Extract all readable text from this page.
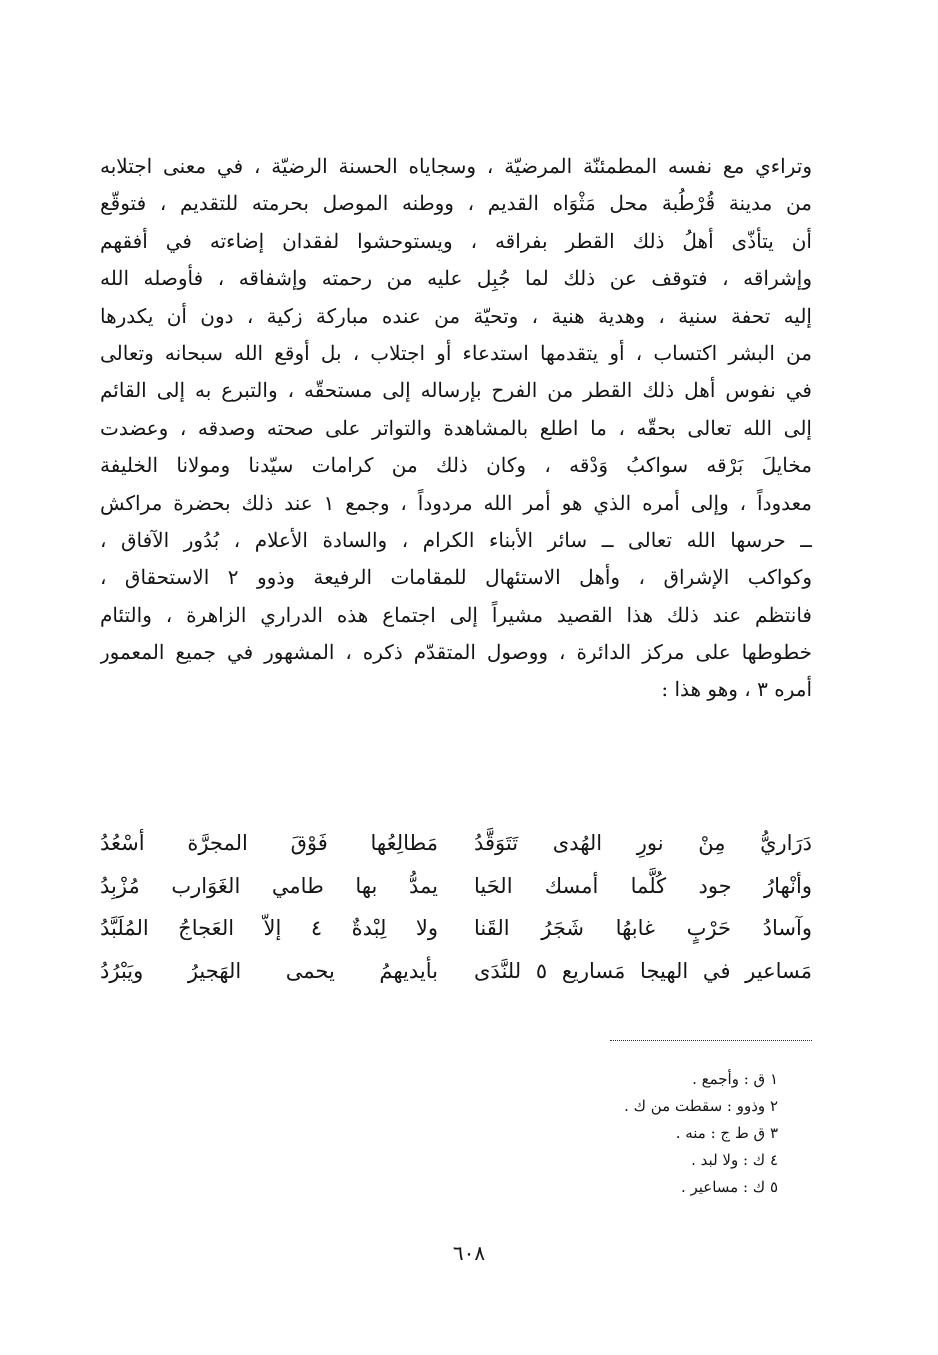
وتراءي مع نفسه المطمئنّة المرضيّة ، وسجاياه الحسنة الرضيّة ، في معنى اجتلابه
من مدينة قُرْطُبة محل مَثْوَاه القديم ، ووطنه الموصل بحرمته للتقديم ، فتوقّع
أن يتأذّى أهلُ ذلك القطر بفراقه ، ويستوحشوا لفقدان إضاءته في أفقهم
وإشراقه ، فتوقف عن ذلك لما جُبِل عليه من رحمته وإشفاقه ، فأوصله الله
إليه تحفة سنية ، وهدية هنية ، وتحيّة من عنده مباركة زكية ، دون أن يكدرها
من البشر اكتساب ، أو يتقدمها استدعاء أو اجتلاب ، بل أوقع الله سبحانه وتعالى
في نفوس أهل ذلك القطر من الفرح بإرساله إلى مستحقّه ، والتبرع به إلى القائم
إلى الله تعالى بحقّه ، ما اطلع بالمشاهدة والتواتر على صحته وصدقه ، وعضدت
مخايلَ بَرْقه سواكبُ وَدْقه ، وكان ذلك من كرامات سيّدنا ومولانا الخليفة
معدوداً ، وإلى أمره الذي هو أمر الله مردوداً ، وجمع ١ عند ذلك بحضرة مراكش
ــ حرسها الله تعالى ــ سائر الأبناء الكرام ، والسادة الأعلام ، بُدُور الآفاق ،
وكواكب الإشراق ، وأهل الاستئهال للمقامات الرفيعة وذوو ٢ الاستحقاق ،
فانتظم عند ذلك هذا القصيد مشيراً إلى اجتماع هذه الدراري الزاهرة ، والتئام
خطوطها على مركز الدائرة ، ووصول المتقدّم ذكره ، المشهور في جميع المعمور
أمره ٣ ، وهو هذا :
دَرَاريُّ مِنْ نورِ الهُدى تَتَوَقَّدُ
مَطالِعُها فَوْقَ المجرَّة أسْعُدُ
وأنْهارُ جود كُلَّما أمسك الحَيا
يمدُّ بها طامي الغَوَارب مُزْبِدُ
وآسادُ حَرْبٍ غابهُا شَجَرُ القَنا
ولا لِبْدةٌ ٤ إلاّ العَجاجُ المُلَبَّدُ
مَساعير في الهيجا مَساريع ٥ للنَّدَى
بأيديهمُ يحمى الهَجيرُ ويَبْرُدُ
١ ق : وأجمع .
٢ وذوو : سقطت من ك .
٣ ق ط ج : منه .
٤ ك : ولا لبد .
٥ ك : مساعير .
٦٠٨
